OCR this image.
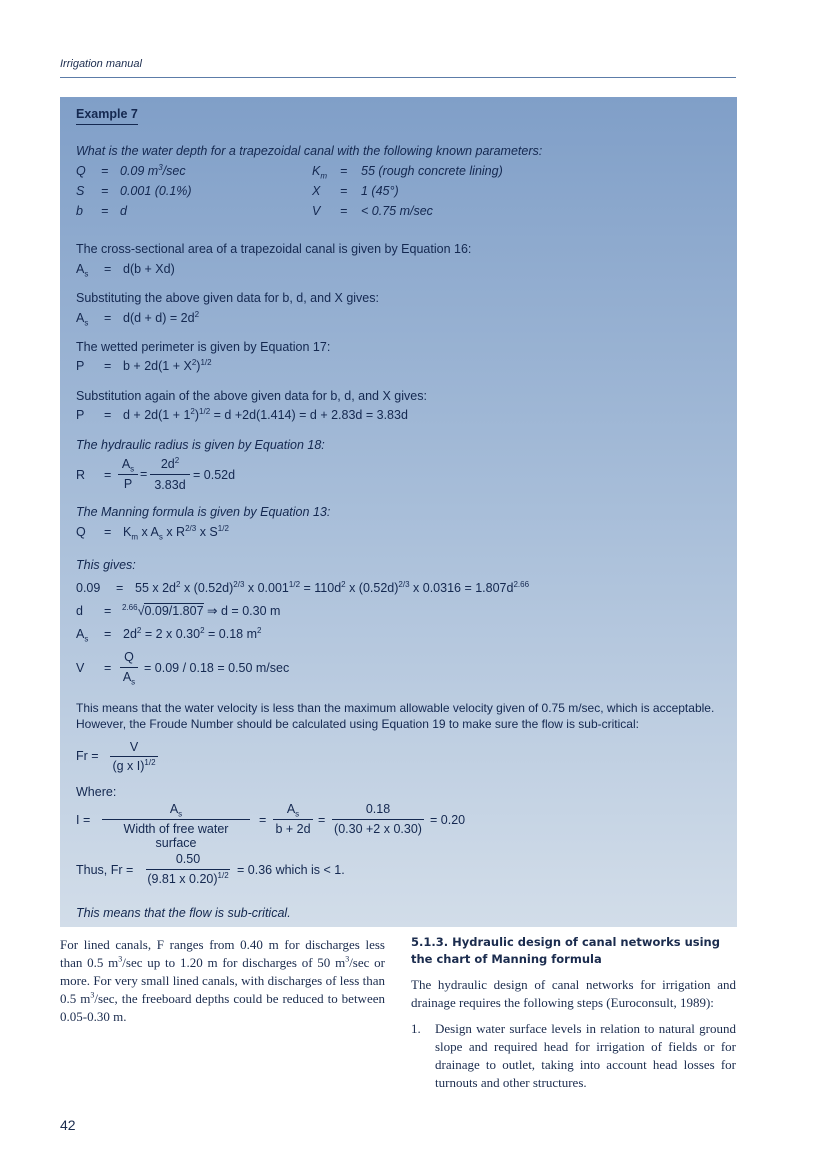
Irrigation manual
Example 7
What is the water depth for a trapezoidal canal with the following known parameters:
Q = 0.09 $m^3/\sec$
S = 0.001 (0.1%)
b = d
$K_m = 55$ (rough concrete lining)
X = 1 (45°)
V = < 0.75 m/sec
The cross-sectional area of a trapezoidal canal is given by Equation 16:
$A_s = d(b + Xd)$
Substituting the above given data for b, d, and X gives:
$A_s = d(d + d) = 2d^2$
The wetted perimeter is given by Equation 17:
$P = b + 2d(1 + X^2)^{1/2}$
Substitution again of the above given data for b, d, and X gives:
$P = d + 2d(1 + 1^2)^{1/2} = d +2d(1.414) = d + 2.83d = 3.83d$
The hydraulic radius is given by Equation 18:
R =
$A_s$
P
=
$2d^2$
3.83d
= 0.52d
The Manning formula is given by Equation 13:
$Q = K_m$ x $A_s$ x $R^{2/3}$ x $S^{1/2}$
This gives:
0.09 = 55 x $2d^2$ x $(0.52d)^{2/3}$ x $0.001^{1/2} = 110d^2$ x $(0.52d)^{2/3}$ x $0.0316 = 1.807d^{2.66}$
d = $^{2.66}$√0.09/1.807 ⇒ d = 0.30 m
$A_s = 2d^2 = 2$ x $0.30^2 = 0.18$ $m^2$
V =
Q
$A_s$
= 0.09 / 0.18 = 0.50 m/sec
This means that the water velocity is less than the maximum allowable velocity given of 0.75 m/sec, which is acceptable.
However, the Froude Number should be calculated using Equation 19 to make sure the flow is sub-critical:
Fr =
V
(g x I)$^{1/2}$
Where:
I =
$A_s$
Width of free water surface
=
$A_s$
b + 2d
=
0.18
(0.30 +2 x 0.30)
= 0.20
Thus, Fr =
0.50
(9.81 x 0.20)$^{1/2}$ = 0.36 which is < 1.
This means that the flow is sub-critical.
For lined canals, F ranges from 0.40 m for discharges less than 0.5 $m^3/\sec$ up to 1.20 m for discharges of 50 $m^3/\sec$ or more. For very small lined canals, with discharges of less than 0.5 $m^3/\sec$, the freeboard depths could be reduced to between 0.05-0.30 m.
5.1.3. Hydraulic design of canal networks using the chart of Manning formula
The hydraulic design of canal networks for irrigation and drainage requires the following steps (Euroconsult, 1989):
1.	Design water surface levels in relation to natural ground slope and required head for irrigation of fields or for drainage to outlet, taking into account head losses for turnouts and other structures.
42
